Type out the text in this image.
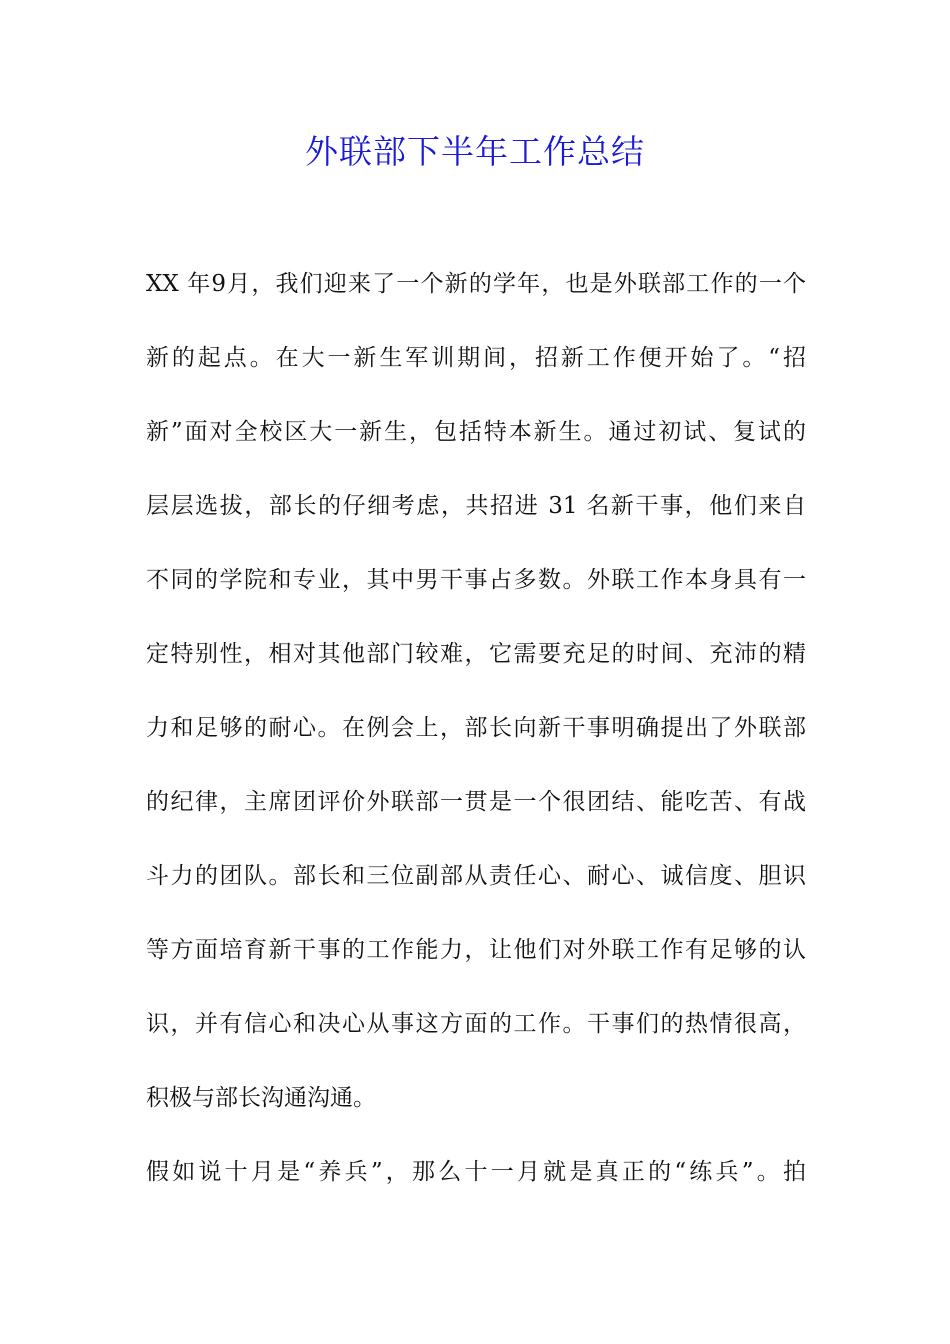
外联部下半年工作总结
XX 年9月，我们迎来了一个新的学年，也是外联部工作的一个
新的起点。在大一新生军训期间，招新工作便开始了。“招
新”面对全校区大一新生，包括特本新生。通过初试、复试的
层层选拔，部长的仔细考虑，共招进 31 名新干事，他们来自
不同的学院和专业，其中男干事占多数。外联工作本身具有一
定特别性，相对其他部门较难，它需要充足的时间、充沛的精
力和足够的耐心。在例会上，部长向新干事明确提出了外联部
的纪律，主席团评价外联部一贯是一个很团结、能吃苦、有战
斗力的团队。部长和三位副部从责任心、耐心、诚信度、胆识
等方面培育新干事的工作能力，让他们对外联工作有足够的认
识，并有信心和决心从事这方面的工作。干事们的热情很高，
积极与部长沟通沟通。
假如说十月是“养兵”，那么十一月就是真正的“练兵”。拍
